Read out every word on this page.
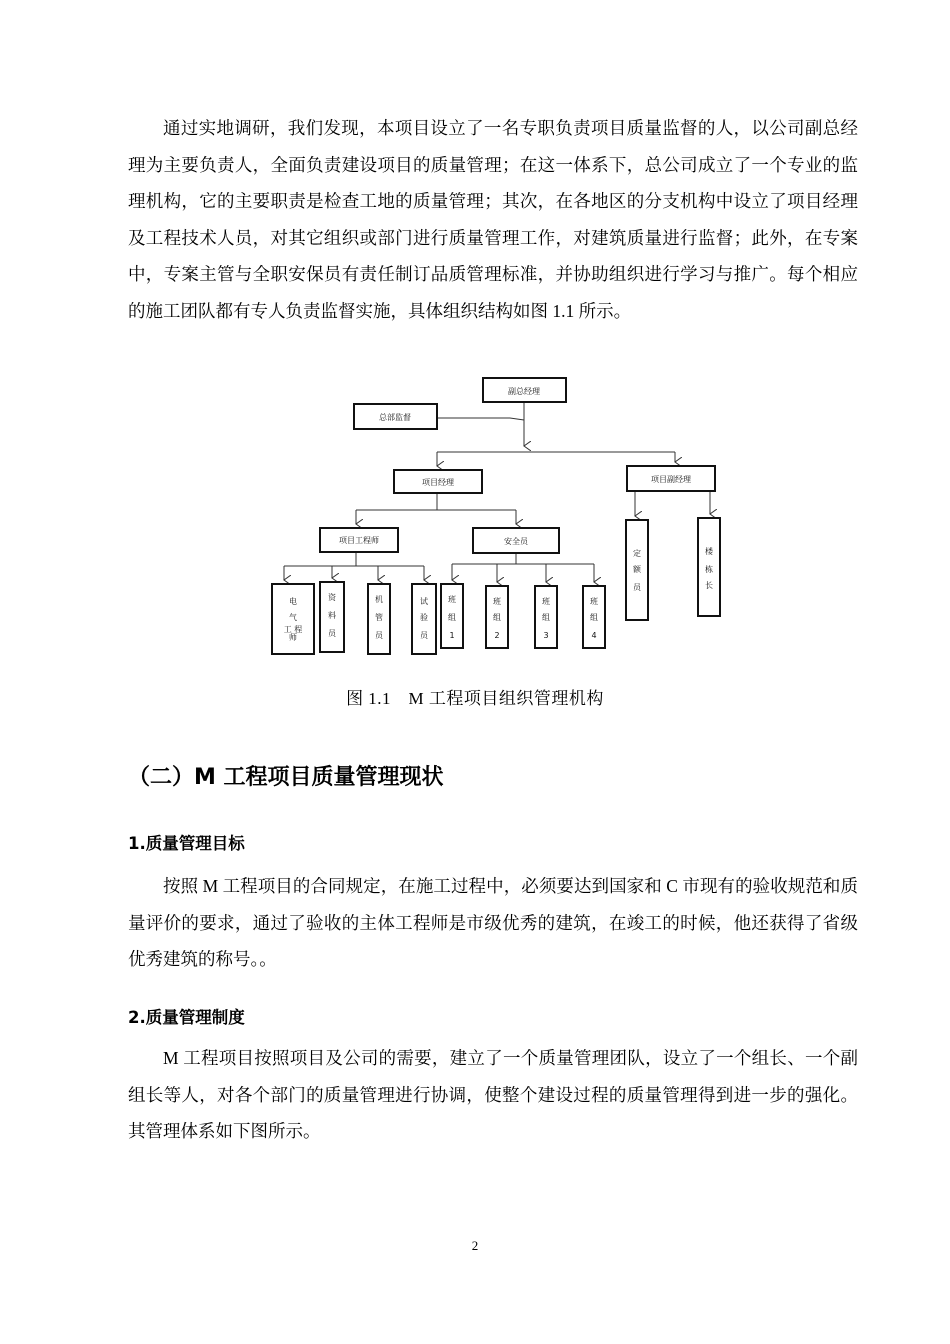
通过实地调研，我们发现，本项目设立了一名专职负责项目质量监督的人，以公司副总经理为主要负责人，全面负责建设项目的质量管理；在这一体系下，总公司成立了一个专业的监理机构，它的主要职责是检查工地的质量管理；其次，在各地区的分支机构中设立了项目经理及工程技术人员，对其它组织或部门进行质量管理工作，对建筑质量进行监督；此外，在专案中，专案主管与全职安保员有责任制订品质管理标准，并协助组织进行学习与推广。每个相应的施工团队都有专人负责监督实施，具体组织结构如图 1.1 所示。

副总经理
总部监督
项目经理	项目副经理
项目工程师	安全员
电
气
工 程
师
资
料
员
机
管
员
试
验
员
班
组
1
班
组
2
班
组
3
班
组
4
定
额
员
楼
栋
长
图 1.1　M 工程项目组织管理机构
（二）M 工程项目质量管理现状
1.质量管理目标

按照 M 工程项目的合同规定，在施工过程中，必须要达到国家和 C 市现有的验收规范和质量评价的要求，通过了验收的主体工程师是市级优秀的建筑，在竣工的时候，他还获得了省级优秀建筑的称号。。

2.质量管理制度

M 工程项目按照项目及公司的需要，建立了一个质量管理团队，设立了一个组长、一个副组长等人，对各个部门的质量管理进行协调，使整个建设过程的质量管理得到进一步的强化。其管理体系如下图所示。

2
